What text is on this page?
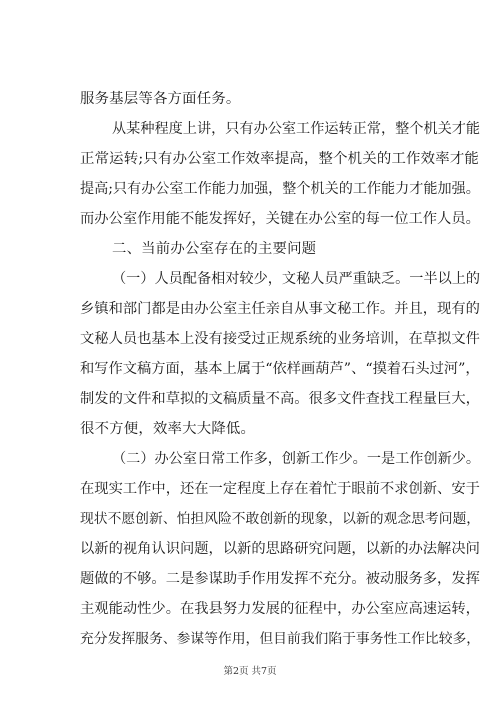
服务基层等各方面任务。
从某种程度上讲，只有办公室工作运转正常，整个机关才能
正常运转;只有办公室工作效率提高，整个机关的工作效率才能
提高;只有办公室工作能力加强，整个机关的工作能力才能加强。
而办公室作用能不能发挥好，关键在办公室的每一位工作人员。
二、当前办公室存在的主要问题
（一）人员配备相对较少，文秘人员严重缺乏。一半以上的
乡镇和部门都是由办公室主任亲自从事文秘工作。并且，现有的
文秘人员也基本上没有接受过正规系统的业务培训，在草拟文件
和写作文稿方面，基本上属于“依样画葫芦”、“摸着石头过河”，
制发的文件和草拟的文稿质量不高。很多文件查找工程量巨大，
很不方便，效率大大降低。
（二）办公室日常工作多，创新工作少。一是工作创新少。
在现实工作中，还在一定程度上存在着忙于眼前不求创新、安于
现状不愿创新、怕担风险不敢创新的现象，以新的观念思考问题，
以新的视角认识问题，以新的思路研究问题，以新的办法解决问
题做的不够。二是参谋助手作用发挥不充分。被动服务多，发挥
主观能动性少。在我县努力发展的征程中，办公室应高速运转，
充分发挥服务、参谋等作用，但目前我们陷于事务性工作比较多，
第2页 共7页
